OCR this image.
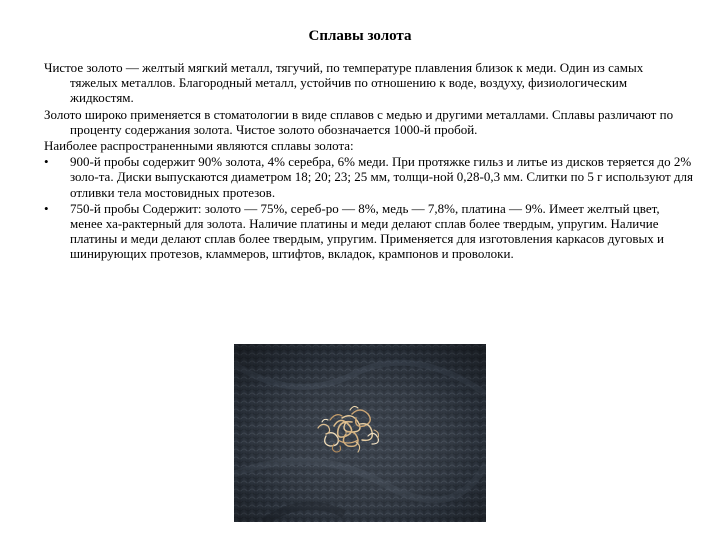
Сплавы золота

Чистое золото — желтый мягкий металл, тягучий, по температуре плавления близок к меди. Один из самых тяжелых металлов. Благородный металл, устойчив по отношению к воде, воздуху, физиологическим жидкостям.

Золото широко применяется в стоматологии в виде сплавов с медью и другими металлами. Сплавы различают по проценту содержания золота. Чистое золото обозначается 1000-й пробой.

Наиболее распространенными являются сплавы золота:

•	900-й пробы содержит 90% золота, 4% серебра, 6% меди. При протяжке гильз и литье из дисков теряется до 2% золо-та. Диски выпускаются диаметром 18; 20; 23; 25 мм, толщи-ной 0,28-0,3 мм. Слитки по 5 г используют для отливки тела мостовидных протезов.
•	750-й пробы Содержит: золото — 75%, сереб-ро — 8%, медь — 7,8%, платина — 9%. Имеет желтый цвет, менее ха-рактерный для золота. Наличие платины и меди делают сплав более твердым, упругим. Наличие платины и меди делают сплав более твердым, упругим. Применяется для изготовления каркасов дуговых и шинирующих протезов, кламмеров, штифтов, вкладок, крампонов и проволоки.
